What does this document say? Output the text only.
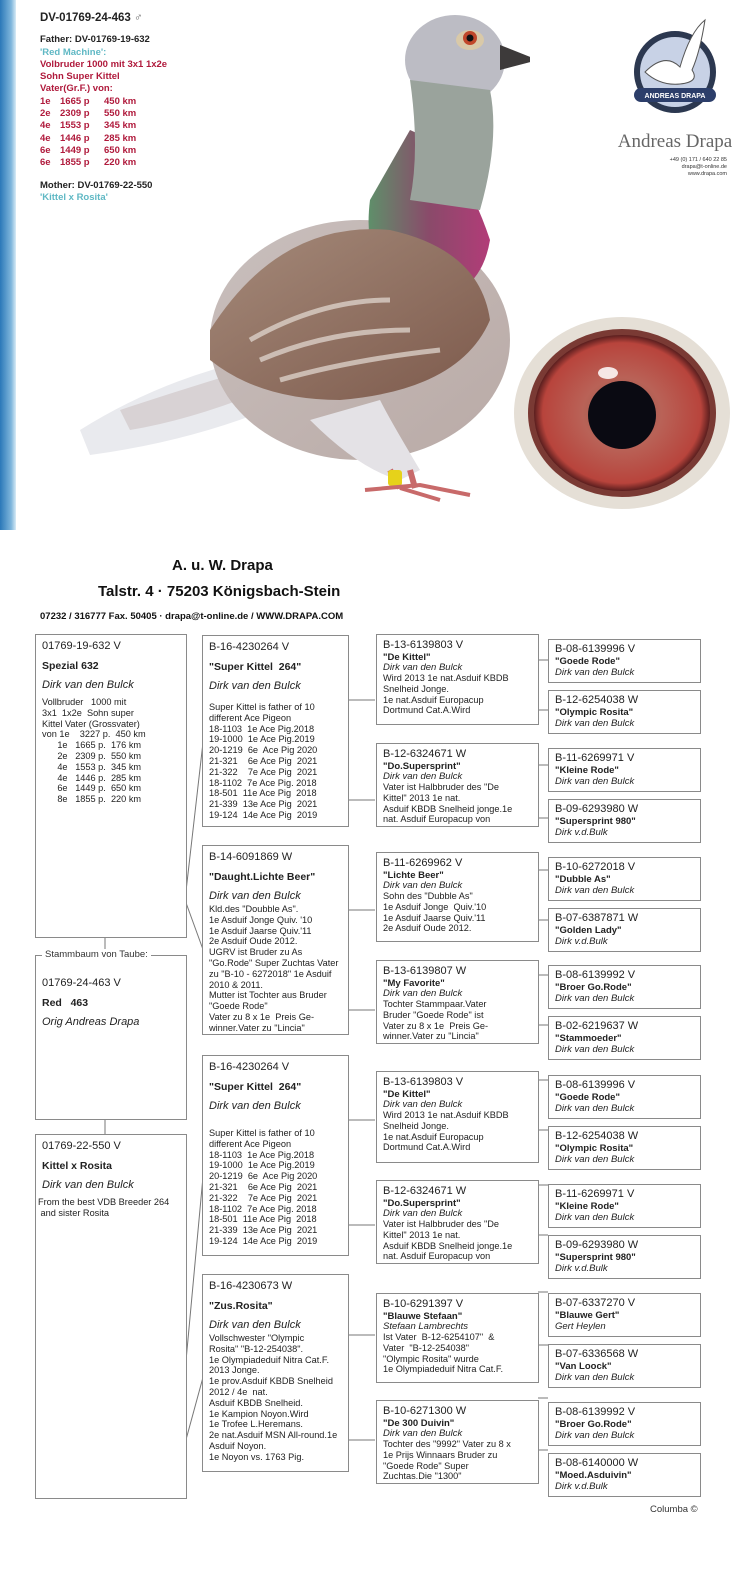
DV-01769-24-463 ♂
Father: DV-01769-19-632
'Red Machine':
Volbruder 1000 mit 3x1 1x2e
Sohn Super Kittel
Vater(Gr.F.) von:
1e 1665 p 450 km
2e 2309 p 550 km
4e 1553 p 345 km
4e 1446 p 285 km
6e 1449 p 650 km
6e 1855 p 220 km
Mother: DV-01769-22-550
'Kittel x Rosita'
ANDREAS DRAPA
Andreas Drapa
+49 (0) 171 / 640 22 85
drapa@t-online.de
www.drapa.com
A. u. W. Drapa
Talstr. 4 · 75203 Königsbach-Stein
07232 / 316777 Fax. 50405 · drapa@t-online.de / WWW.DRAPA.COM
01769-19-632 V
Spezial 632
Dirk van den Bulck
Vollbruder   1000 mit
3x1  1x2e  Sohn super
Kittel Vater (Grossvater)
von 1e    3227 p.  450 km
1e   1665 p.  176 km
2e   2309 p.  550 km
4e   1553 p.  345 km
4e   1446 p.  285 km
6e   1449 p.  650 km
8e   1855 p.  220 km
01769-24-463 V
Red   463
Orig Andreas Drapa
Stammbaum von Taube:
01769-22-550 V
Kittel x Rosita
Dirk van den Bulck
From the best VDB Breeder 264
and sister Rosita
B-16-4230264 V
"Super Kittel  264"
Dirk van den Bulck
Super Kittel is father of 10
different Ace Pigeon
18-1103  1e Ace Pig.2018
19-1000  1e Ace Pig.2019
20-1219  6e  Ace Pig 2020
21-321    6e Ace Pig  2021
21-322    7e Ace Pig  2021
18-1102  7e Ace Pig. 2018
18-501  11e Ace Pig  2018
21-339  13e Ace Pig  2021
19-124  14e Ace Pig  2019
B-14-6091869 W
"Daught.Lichte Beer"
Dirk van den Bulck
Kld.des "Doubble As".
1e Asduif Jonge Quiv. '10
1e Asduif Jaarse Quiv.'11
2e Asduif Oude 2012.
UGRV ist Bruder zu As
"Go.Rode" Super Zuchtas Vater
zu "B-10 - 6272018" 1e Asduif
2010 & 2011.
Mutter ist Tochter aus Bruder
"Goede Rode"
Vater zu 8 x 1e  Preis Ge-
winner.Vater zu "Lincia"
B-16-4230264 V
"Super Kittel  264"
Dirk van den Bulck
Super Kittel is father of 10
different Ace Pigeon
18-1103  1e Ace Pig.2018
19-1000  1e Ace Pig.2019
20-1219  6e  Ace Pig 2020
21-321    6e Ace Pig  2021
21-322    7e Ace Pig  2021
18-1102  7e Ace Pig. 2018
18-501  11e Ace Pig  2018
21-339  13e Ace Pig  2021
19-124  14e Ace Pig  2019
B-16-4230673 W
"Zus.Rosita"
Dirk van den Bulck
Vollschwester "Olympic
Rosita" "B-12-254038".
1e Olympiadeduif Nitra Cat.F.
2013 Jonge.
1e prov.Asduif KBDB Snelheid
2012 / 4e  nat.
Asduif KBDB Snelheid.
1e Kampion Noyon.Wird
1e Trofee L.Heremans.
2e nat.Asduif MSN All-round.1e
Asduif Noyon.
1e Noyon vs. 1763 Pig.
B-13-6139803 V
"De Kittel"
Dirk van den Bulck
Wird 2013 1e nat.Asduif KBDB
Snelheid Jonge.
1e nat.Asduif Europacup
Dortmund Cat.A.Wird
B-12-6324671 W
"Do.Supersprint"
Dirk van den Bulck
Vater ist Halbbruder des "De
Kittel" 2013 1e nat.
Asduif KBDB Snelheid jonge.1e
nat. Asduif Europacup von
B-11-6269962 V
"Lichte Beer"
Dirk van den Bulck
Sohn des "Dubble As"
1e Asduif Jonge  Quiv.'10
1e Asduif Jaarse Quiv.'11
2e Asduif Oude 2012.
B-13-6139807 W
"My Favorite"
Dirk van den Bulck
Tochter Stammpaar.Vater
Bruder "Goede Rode" ist
Vater zu 8 x 1e  Preis Ge-
winner.Vater zu "Lincia"
B-13-6139803 V
"De Kittel"
Dirk van den Bulck
Wird 2013 1e nat.Asduif KBDB
Snelheid Jonge.
1e nat.Asduif Europacup
Dortmund Cat.A.Wird
B-12-6324671 W
"Do.Supersprint"
Dirk van den Bulck
Vater ist Halbbruder des "De
Kittel" 2013 1e nat.
Asduif KBDB Snelheid jonge.1e
nat. Asduif Europacup von
B-10-6291397 V
"Blauwe Stefaan"
Stefaan Lambrechts
Ist Vater  B-12-6254107"  &
Vater  "B-12-254038"
"Olympic Rosita" wurde
1e Olympiadeduif Nitra Cat.F.
B-10-6271300 W
"De 300 Duivin"
Dirk van den Bulck
Tochter des "9992" Vater zu 8 x
1e Prijs Winnaars Bruder zu
"Goede Rode" Super
Zuchtas.Die "1300"
B-08-6139996 V
"Goede Rode"
Dirk van den Bulck
B-12-6254038 W
"Olympic Rosita"
Dirk van den Bulck
B-11-6269971 V
"Kleine Rode"
Dirk van den Bulck
B-09-6293980 W
"Supersprint 980"
Dirk v.d.Bulk
B-10-6272018 V
"Dubble As"
Dirk van den Bulck
B-07-6387871 W
"Golden Lady"
Dirk v.d.Bulk
B-08-6139992 V
"Broer Go.Rode"
Dirk van den Bulck
B-02-6219637 W
"Stammoeder"
Dirk van den Bulck
B-08-6139996 V
"Goede Rode"
Dirk van den Bulck
B-12-6254038 W
"Olympic Rosita"
Dirk van den Bulck
B-11-6269971 V
"Kleine Rode"
Dirk van den Bulck
B-09-6293980 W
"Supersprint 980"
Dirk v.d.Bulk
B-07-6337270 V
"Blauwe Gert"
Gert Heylen
B-07-6336568 W
"Van Loock"
Dirk van den Bulck
B-08-6139992 V
"Broer Go.Rode"
Dirk van den Bulck
B-08-6140000 W
"Moed.Asduivin"
Dirk v.d.Bulk
Columba ©
